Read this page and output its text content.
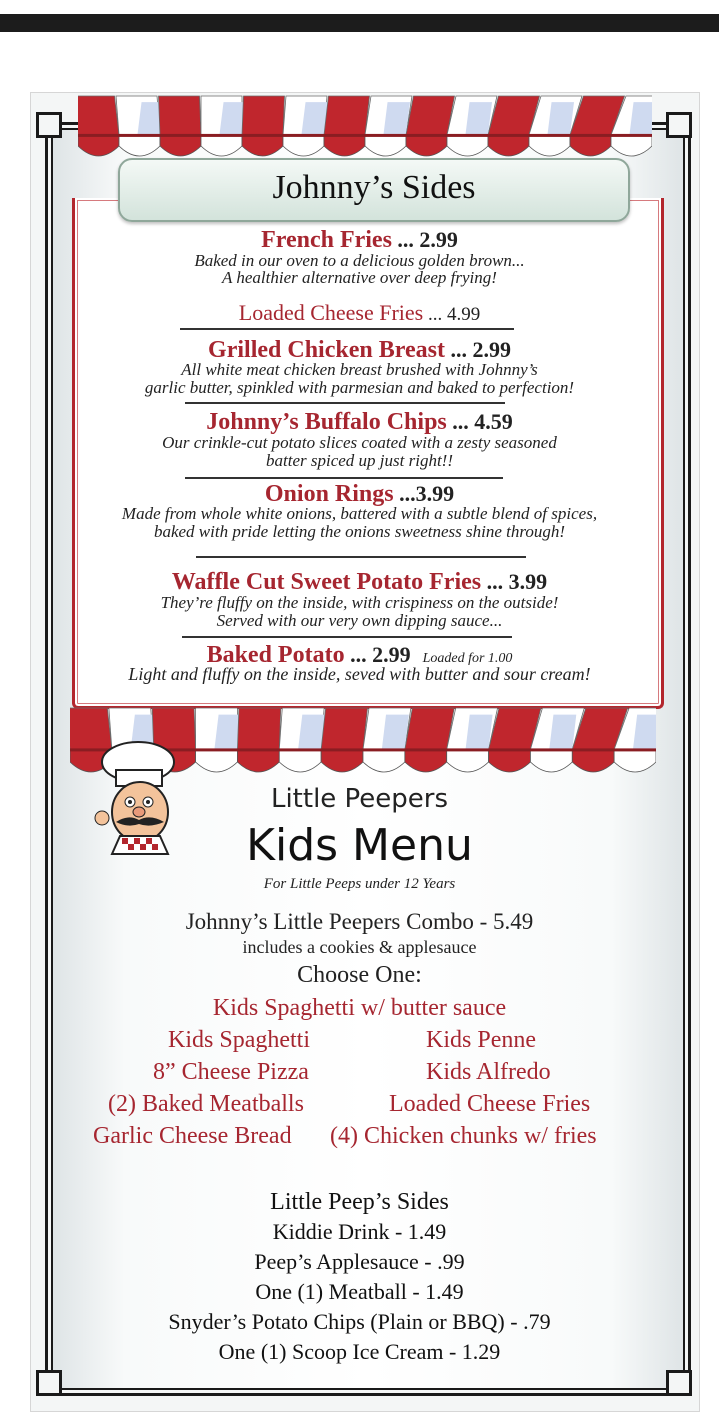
Johnny’s Sides
French Fries ... 2.99
Baked in our oven to a delicious golden brown...
A healthier alternative over deep frying!
Loaded Cheese Fries ... 4.99
Grilled Chicken Breast ... 2.99
All white meat chicken breast brushed with Johnny’s
garlic butter, spinkled with parmesian and baked to perfection!
Johnny’s Buffalo Chips ... 4.59
Our crinkle-cut potato slices coated with a zesty seasoned
batter spiced up just right!!
Onion Rings ...3.99
Made from whole white onions, battered with a subtle blend of spices,
baked with pride letting the onions sweetness shine through!
Waffle Cut Sweet Potato Fries ... 3.99
They’re fluffy on the inside, with crispiness on the outside!
Served with our very own dipping sauce...
Baked Potato ... 2.99 Loaded for 1.00
Light and fluffy on the inside, seved with butter and sour cream!
Little Peepers
Kids Menu
For Little Peeps under 12 Years
Johnny’s Little Peepers Combo - 5.49
includes a cookies & applesauce
Choose One:
Kids Spaghetti w/ butter sauce
Kids Spaghetti
8” Cheese Pizza
(2) Baked Meatballs
Garlic Cheese Bread
Kids Penne
Kids Alfredo
Loaded Cheese Fries
(4) Chicken chunks w/ fries
Little Peep’s Sides
Kiddie Drink - 1.49
Peep’s Applesauce - .99
One (1) Meatball - 1.49
Snyder’s Potato Chips (Plain or BBQ) - .79
One (1) Scoop Ice Cream - 1.29
